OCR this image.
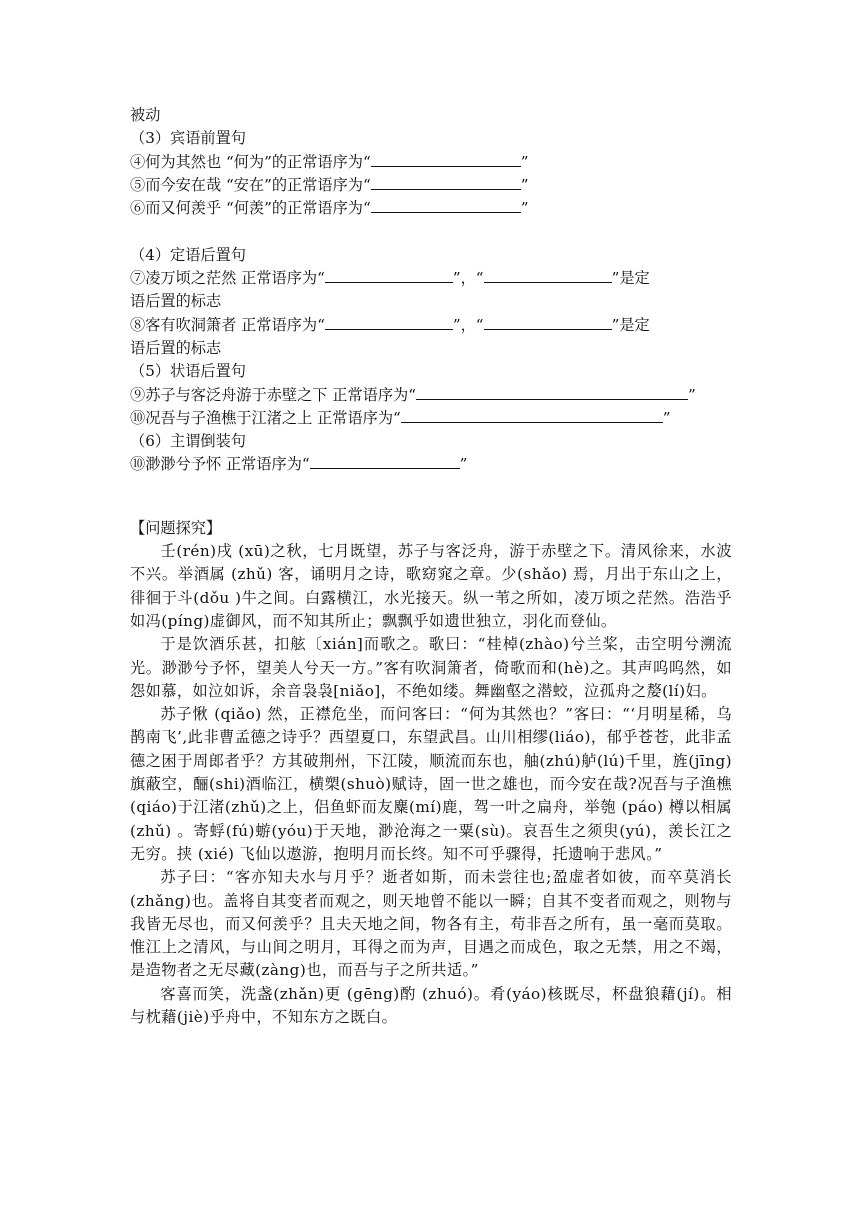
被动
（3）宾语前置句
④何为其然也 “何为”的正常语序为“	”
⑤而今安在哉 “安在”的正常语序为“	”
⑥而又何羡乎 “何羡”的正常语序为“	”
（4）定语后置句
⑦凌万顷之茫然 正常语序为“	”，“	”是定
语后置的标志
⑧客有吹洞箫者 正常语序为“	”，“	”是定
语后置的标志
（5）状语后置句
⑨苏子与客泛舟游于赤壁之下 正常语序为“	”
⑩况吾与子渔樵于江渚之上 正常语序为“	”
（6）主谓倒装句
⑩渺渺兮予怀 正常语序为“	”
【问题探究】

壬(rén)戌 (xū)之秋，七月既望，苏子与客泛舟，游于赤壁之下。清风徐来，水波不兴。举酒属 (zhǔ) 客，诵明月之诗，歌窈窕之章。少(shǎo) 焉，月出于东山之上，徘徊于斗(dǒu )牛之间。白露横江，水光接天。纵一苇之所如，凌万顷之茫然。浩浩乎如冯(píng)虚御风，而不知其所止；飘飘乎如遗世独立，羽化而登仙。

于是饮酒乐甚，扣舷〔xián]而歌之。歌曰：“桂棹(zhào)兮兰桨，击空明兮溯流光。渺渺兮予怀，望美人兮天一方。”客有吹洞箫者，倚歌而和(hè)之。其声呜呜然，如怨如慕，如泣如诉，余音袅袅[niǎo]，不绝如缕。舞幽壑之潜蛟，泣孤舟之嫠(lí)妇。

苏子愀 (qiǎo) 然，正襟危坐，而问客曰：“何为其然也？”客曰：“‘月明星稀，乌鹊南飞’,此非曹孟德之诗乎？西望夏口，东望武昌。山川相缪(liáo)，郁乎苍苍，此非孟德之困于周郎者乎？方其破荆州，下江陵，顺流而东也，舳(zhú)舻(lú)千里，旌(jīng)旗蔽空，酾(shi)酒临江，横槊(shuò)赋诗，固一世之雄也，而今安在哉?况吾与子渔樵(qiáo)于江渚(zhǔ)之上，侣鱼虾而友麋(mí)鹿，驾一叶之扁舟，举匏 (páo) 樽以相属 (zhǔ) 。寄蜉(fú)蝣(yóu)于天地，渺沧海之一粟(sù)。哀吾生之须臾(yú)，羡长江之无穷。挟 (xié) 飞仙以遨游，抱明月而长终。知不可乎骤得，托遗响于悲风。”

苏子曰：“客亦知夫水与月乎？逝者如斯，而未尝往也;盈虚者如彼，而卒莫消长(zhǎng)也。盖将自其变者而观之，则天地曾不能以一瞬；自其不变者而观之，则物与我皆无尽也，而又何羡乎？且夫天地之间，物各有主，苟非吾之所有，虽一毫而莫取。惟江上之清风，与山间之明月，耳得之而为声，目遇之而成色，取之无禁，用之不竭，是造物者之无尽藏(zàng)也，而吾与子之所共适。”

客喜而笑，洗盏(zhǎn)更 (gēng)酌 (zhuó)。肴(yáo)核既尽，杯盘狼藉(jí)。相与枕藉(jiè)乎舟中，不知东方之既白。
